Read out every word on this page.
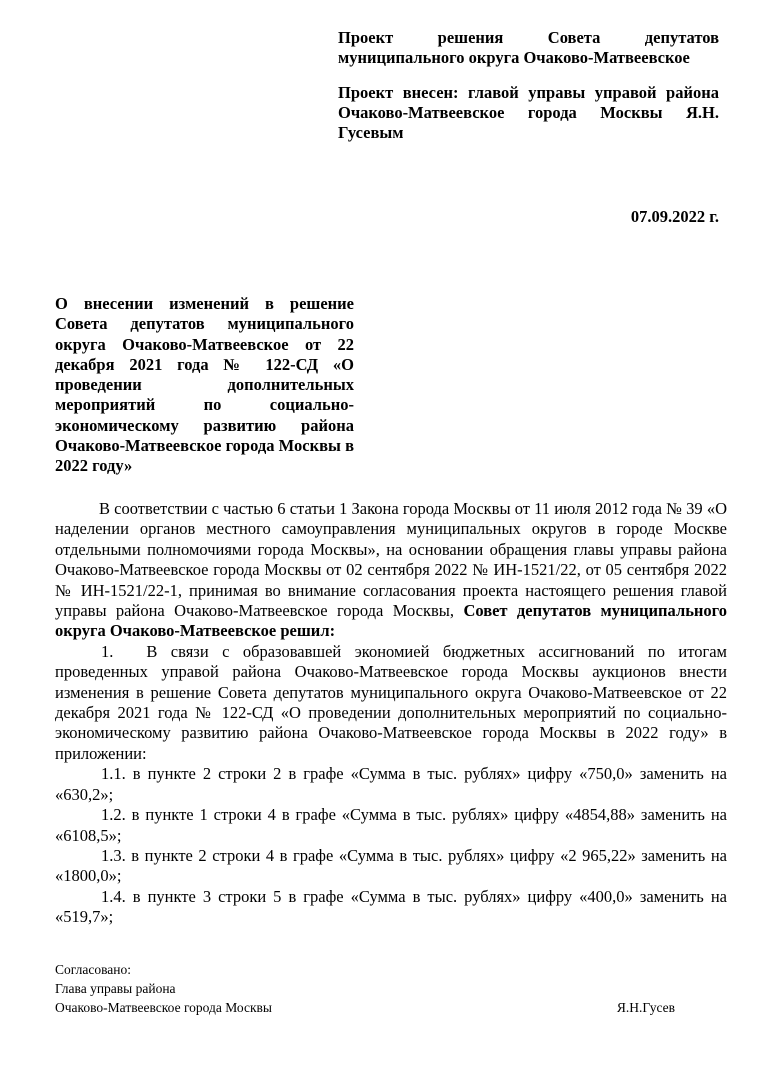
Проект решения Совета депутатов муниципального округа Очаково-Матвеевское

Проект внесен: главой управы управой района Очаково-Матвеевское города Москвы Я.Н. Гусевым

07.09.2022 г.

О внесении изменений в решение Совета депутатов муниципального округа Очаково-Матвеевское от 22 декабря 2021 года № 122-СД «О проведении дополнительных мероприятий по социально-экономическому развитию района Очаково-Матвеевское города Москвы в 2022 году»

В соответствии с частью 6 статьи 1 Закона города Москвы от 11 июля 2012 года № 39 «О наделении органов местного самоуправления муниципальных округов в городе Москве отдельными полномочиями города Москвы», на основании обращения главы управы района Очаково-Матвеевское города Москвы от 02 сентября 2022 № ИН-1521/22, от 05 сентября 2022 № ИН-1521/22-1, принимая во внимание согласования проекта настоящего решения главой управы района Очаково-Матвеевское города Москвы, Совет депутатов муниципального округа Очаково-Матвеевское решил:

1.  В связи с образовавшей экономией бюджетных ассигнований по итогам проведенных управой района Очаково-Матвеевское города Москвы аукционов внести изменения в решение Совета депутатов муниципального округа Очаково-Матвеевское от 22 декабря 2021 года № 122-СД «О проведении дополнительных мероприятий по социально-экономическому развитию района Очаково-Матвеевское города Москвы в 2022 году» в приложении:

1.1. в пункте 2 строки 2 в графе «Сумма в тыс. рублях» цифру «750,0» заменить на «630,2»;

1.2. в пункте 1 строки 4 в графе «Сумма в тыс. рублях» цифру «4854,88» заменить на «6108,5»;

1.3. в пункте 2 строки 4 в графе «Сумма в тыс. рублях» цифру «2 965,22» заменить на «1800,0»;

1.4. в пункте 3 строки 5 в графе «Сумма в тыс. рублях» цифру «400,0» заменить на «519,7»;

Согласовано:
Глава управы района
Очаково-Матвеевское города Москвы	Я.Н.Гусев
